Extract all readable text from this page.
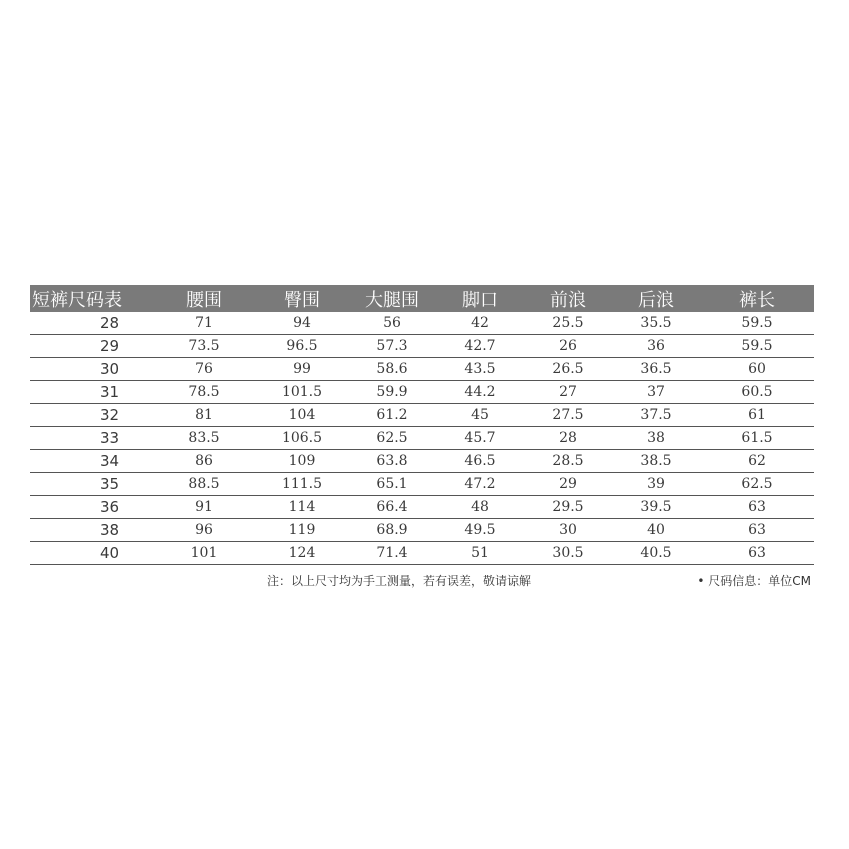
短裤尺码表	腰围	臀围	大腿围	脚口	前浪	后浪	裤长
28	71	94	56	42	25.5	35.5	59.5
29	73.5	96.5	57.3	42.7	26	36	59.5
30	76	99	58.6	43.5	26.5	36.5	60
31	78.5	101.5	59.9	44.2	27	37	60.5
32	81	104	61.2	45	27.5	37.5	61
33	83.5	106.5	62.5	45.7	28	38	61.5
34	86	109	63.8	46.5	28.5	38.5	62
35	88.5	111.5	65.1	47.2	29	39	62.5
36	91	114	66.4	48	29.5	39.5	63
38	96	119	68.9	49.5	30	40	63
40	101	124	71.4	51	30.5	40.5	63
注：以上尺寸均为手工测量，若有误差，敬请谅解	• 尺码信息：单位CM
